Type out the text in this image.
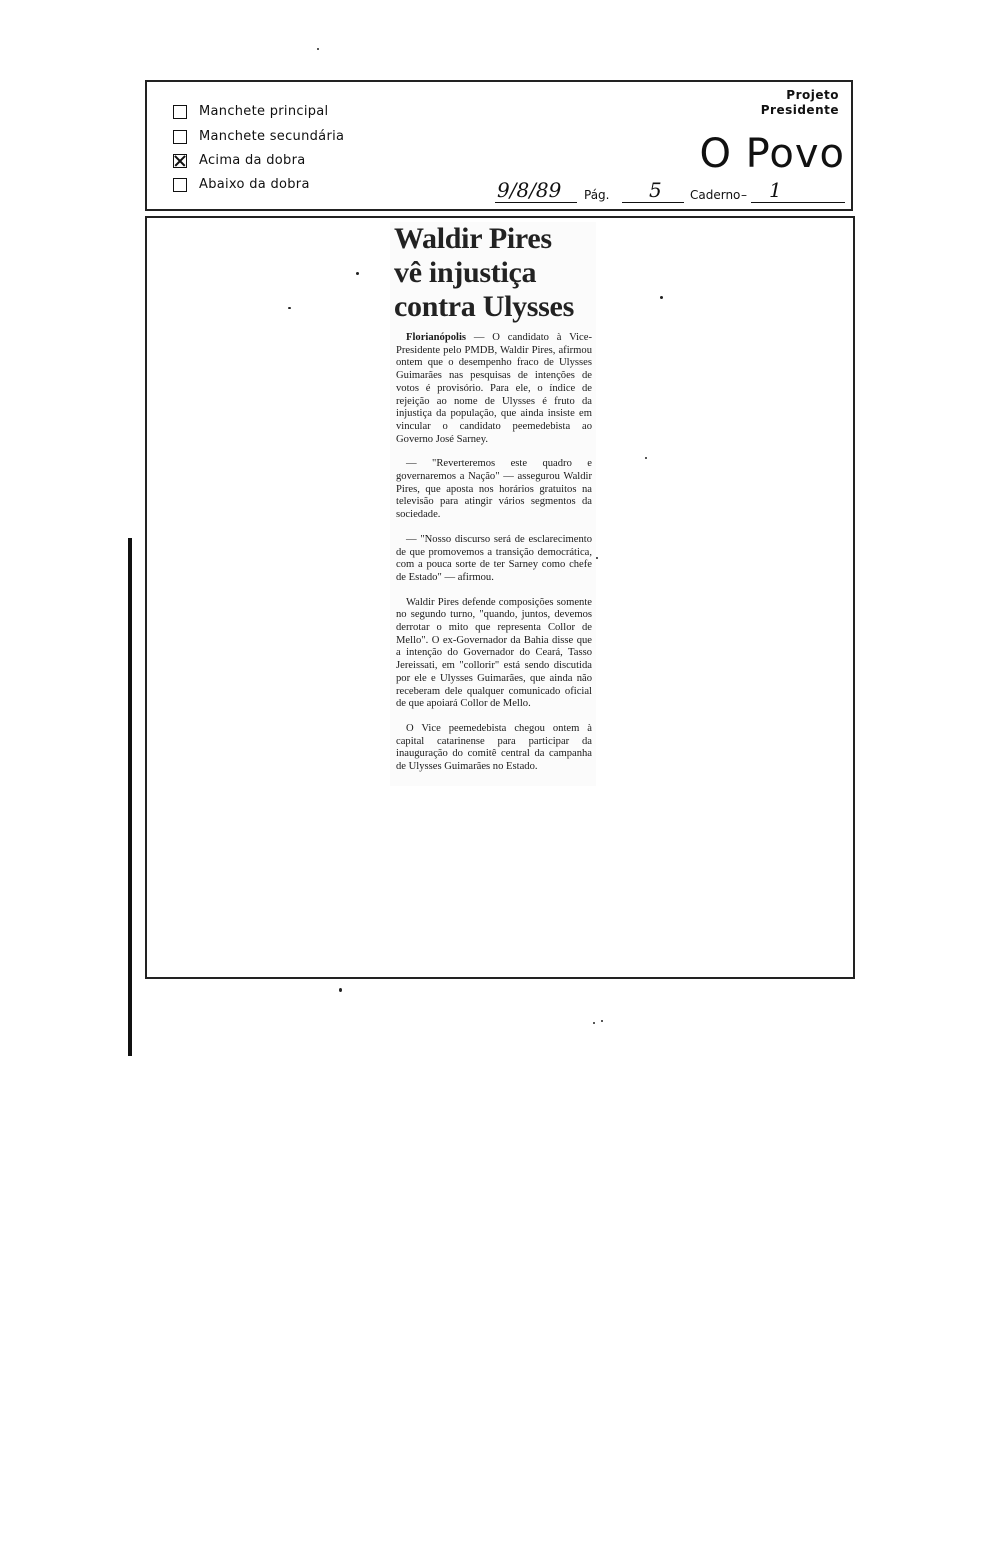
Manchete principal
Manchete secundária
Acima da dobra
Abaixo da dobra
Projeto
Presidente
O Povo
9/8/89 Pág. 5 Caderno – 1
Waldir Pires
vê injustiça
contra Ulysses

Florianópolis — O candidato à Vice-Presidente pelo PMDB, Waldir Pires, afirmou ontem que o desempenho fraco de Ulysses Guimarães nas pesquisas de intenções de votos é provisório. Para ele, o índice de rejeição ao nome de Ulysses é fruto da injustiça da população, que ainda insiste em vincular o candidato peemedebista ao Governo José Sarney.

— "Reverteremos este quadro e governaremos a Nação" — assegurou Waldir Pires, que aposta nos horários gratuitos na televisão para atingir vários segmentos da sociedade.

— "Nosso discurso será de esclarecimento de que promovemos a transição democrática, com a pouca sorte de ter Sarney como chefe de Estado" — afirmou.

Waldir Pires defende composições somente no segundo turno, "quando, juntos, devemos derrotar o mito que representa Collor de Mello". O ex-Governador da Bahia disse que a intenção do Governador do Ceará, Tasso Jereissati, em "collorir" está sendo discutida por ele e Ulysses Guimarães, que ainda não receberam dele qualquer comunicado oficial de que apoiará Collor de Mello.

O Vice peemedebista chegou ontem à capital catarinense para participar da inauguração do comitê central da campanha de Ulysses Guimarães no Estado.
